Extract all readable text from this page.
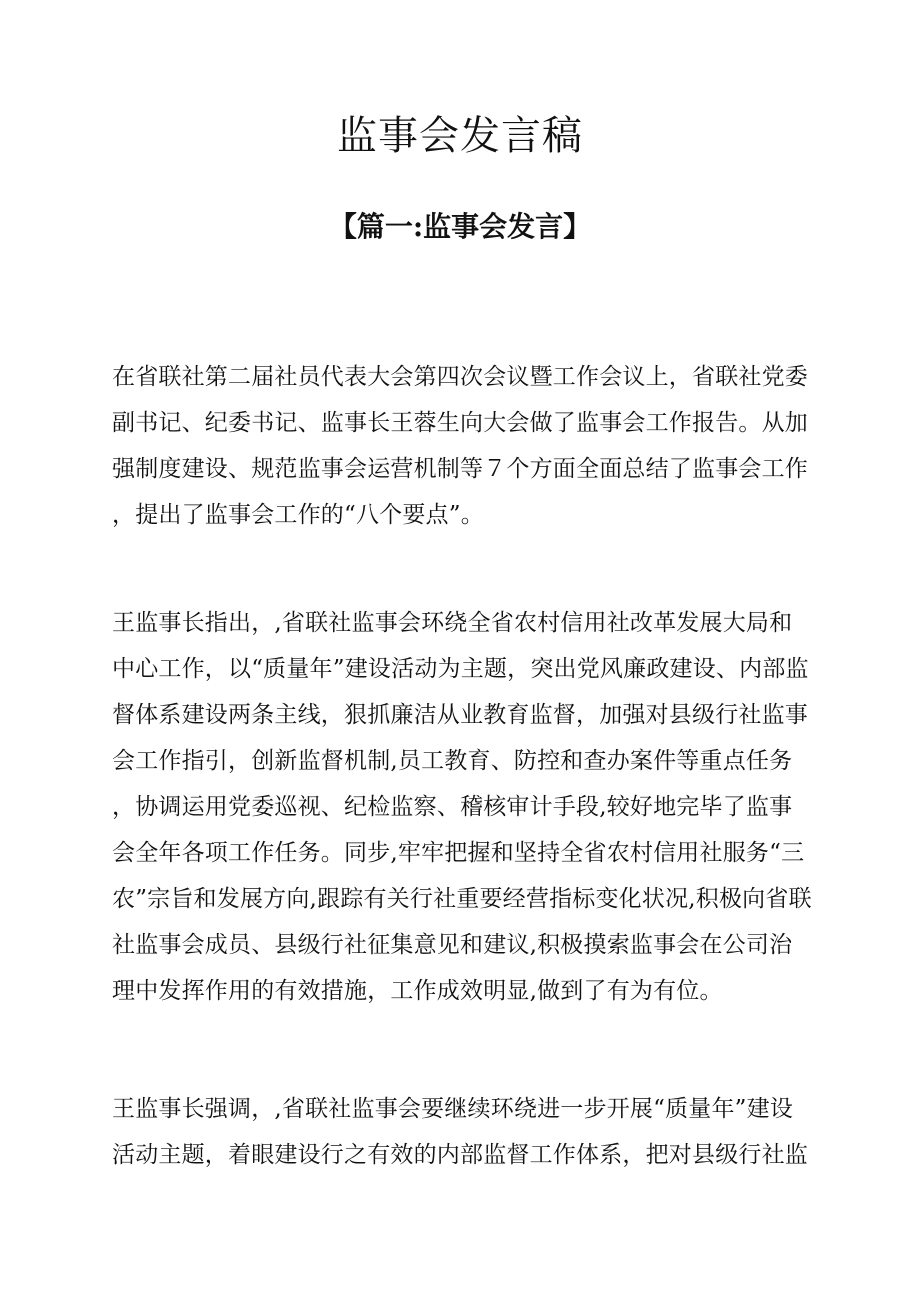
监事会发言稿
【篇一:监事会发言】
在省联社第二届社员代表大会第四次会议暨工作会议上，省联社党委
副书记、纪委书记、监事长王蓉生向大会做了监事会工作报告。从加
强制度建设、规范监事会运营机制等７个方面全面总结了监事会工作
，提出了监事会工作的“八个要点”。
王监事长指出，,省联社监事会环绕全省农村信用社改革发展大局和
中心工作，以“质量年”建设活动为主题，突出党风廉政建设、内部监
督体系建设两条主线，狠抓廉洁从业教育监督，加强对县级行社监事
会工作指引，创新监督机制,员工教育、防控和查办案件等重点任务
，协调运用党委巡视、纪检监察、稽核审计手段,较好地完毕了监事
会全年各项工作任务。同步,牢牢把握和坚持全省农村信用社服务“三
农”宗旨和发展方向,跟踪有关行社重要经营指标变化状况,积极向省联
社监事会成员、县级行社征集意见和建议,积极摸索监事会在公司治
理中发挥作用的有效措施，工作成效明显,做到了有为有位。
王监事长强调，,省联社监事会要继续环绕进一步开展“质量年”建设
活动主题，着眼建设行之有效的内部监督工作体系，把对县级行社监
